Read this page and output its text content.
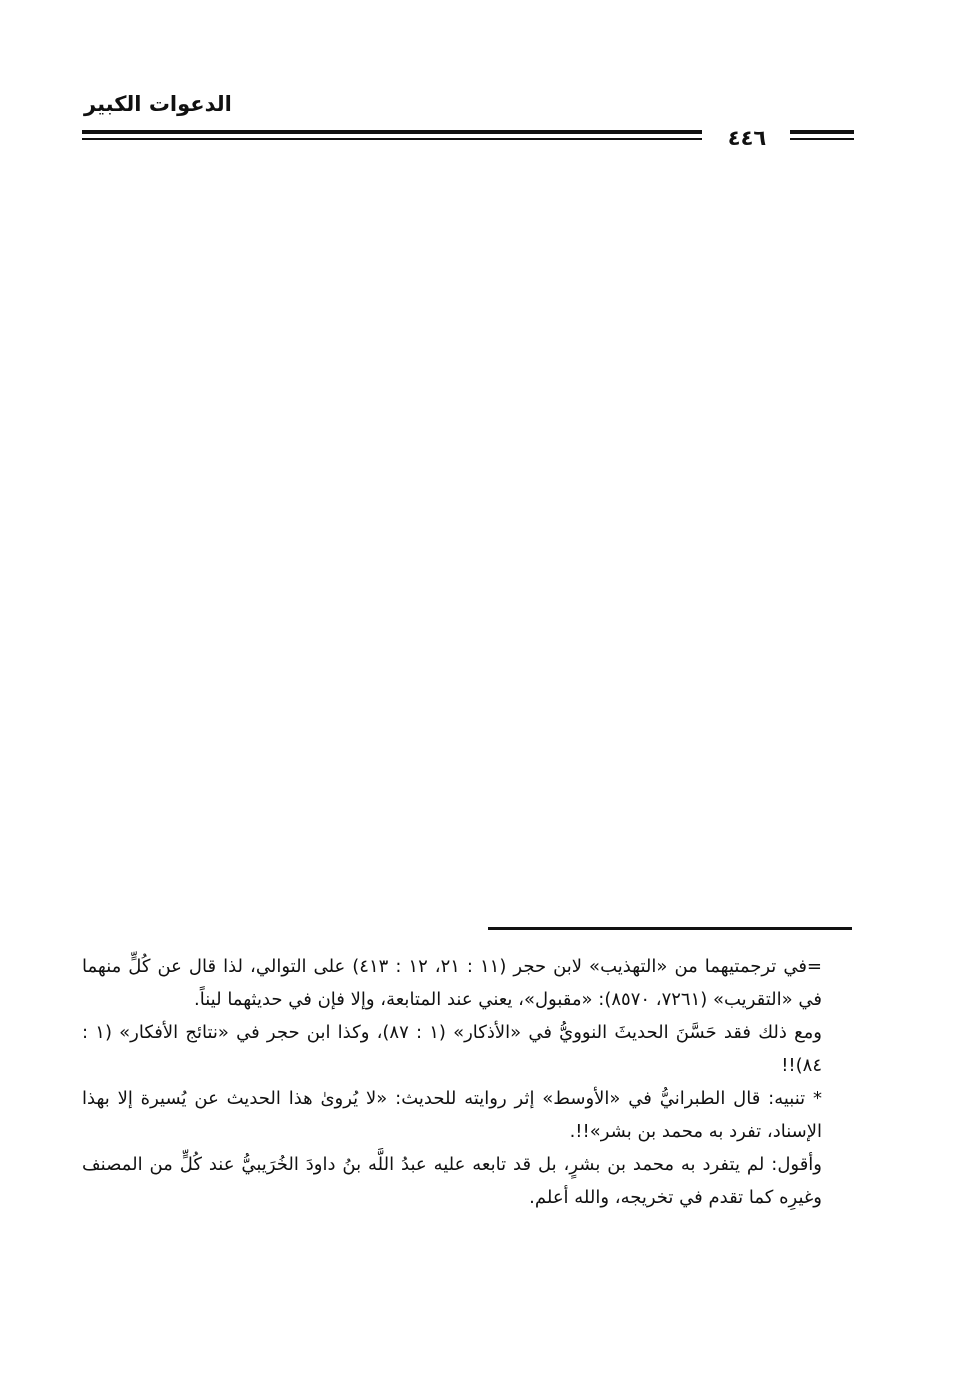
الدعوات الكبير
٤٤٦

=في ترجمتيهما من «التهذيب» لابن حجر (١١ : ٢١، ١٢ : ٤١٣) على التوالي، لذا قال عن كُلٍّ منهما في «التقريب» (٧٢٦١، ٨٥٧٠): «مقبول»، يعني عند المتابعة، وإلا فإن في حديثهما ليناً.

ومع ذلك فقد حَسَّنَ الحديثَ النوويُّ في «الأذكار» (١ : ٨٧)، وكذا ابن حجر في «نتائج الأفكار» (١ : ٨٤)!!

* تنبيه: قال الطبرانيُّ في «الأوسط» إثر روايته للحديث: «لا يُروىٰ هذا الحديث عن يُسيرة إلا بهذا الإسناد، تفرد به محمد بن بشر»!!.

وأقول: لم يتفرد به محمد بن بشرٍ، بل قد تابعه عليه عبدُ اللَّه بنُ داودَ الخُرَيبيُّ عند كُلٍّ من المصنف وغيرِه كما تقدم في تخريجه، والله أعلم.
